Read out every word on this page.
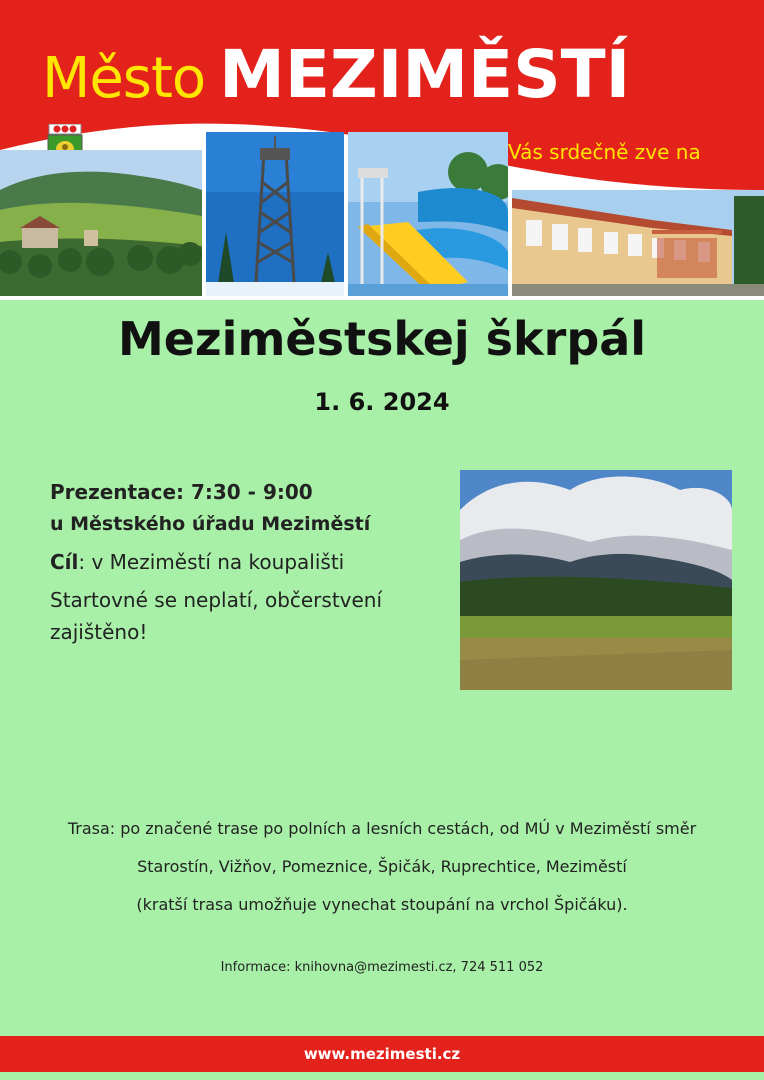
Město MEZIMĚSTÍ
Vás srdečně zve na
Meziměstskej škrpál
1. 6. 2024

Prezentace: 7:30 - 9:00

u Městského úřadu Meziměstí

Cíl: v Meziměstí na koupališti

Startovné se neplatí, občerstvení zajištěno!

Trasa: po značené trase po polních a lesních cestách, od MÚ v Meziměstí směr

Starostín, Vižňov, Pomeznice, Špičák, Ruprechtice, Meziměstí

(kratší trasa umožňuje vynechat stoupání na vrchol Špičáku).

Informace: knihovna@mezimesti.cz, 724 511 052
www.mezimesti.cz
